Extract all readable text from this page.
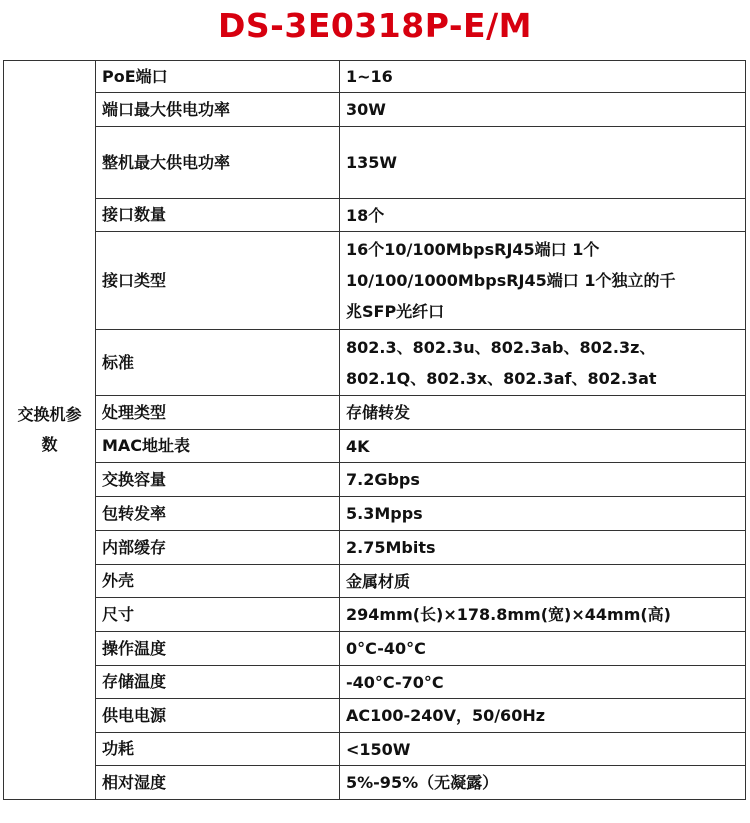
DS-3E0318P-E/M
交换机参数	PoE端口	1~16

	端口最大供电功率	30W

	整机最大供电功率	135W

	接口数量	18个

	接口类型	16个10/100MbpsRJ45端口 1个
10/100/1000MbpsRJ45端口 1个独立的千
兆SFP光纤口

	标准	802.3、802.3u、802.3ab、802.3z、
802.1Q、802.3x、802.3af、802.3at

	处理类型	存储转发

	MAC地址表	4K

	交换容量	7.2Gbps

	包转发率	5.3Mpps

	内部缓存	2.75Mbits

	外壳	金属材质

	尺寸	294mm(长)×178.8mm(宽)×44mm(高)

	操作温度	0°C-40°C

	存储温度	-40°C-70°C

	供电电源	AC100-240V，50/60Hz

	功耗	<150W

	相对湿度	5%-95%（无凝露）
